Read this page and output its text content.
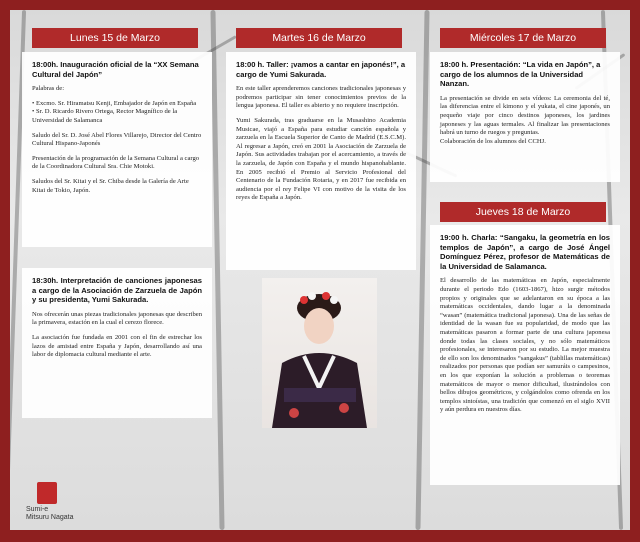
Lunes 15 de Marzo
18:00h. Inauguración oficial de la “XX Semana Cultural del Japón”
Palabras de:
• Excmo. Sr. Hiramatsu Kenji, Embajador de Japón en España
• Sr. D. Ricardo Rivero Ortega, Rector Magnífico de la Universidad de Salamanca
Saludo del Sr. D. José Abel Flores Villarejo, Director del Centro Cultural Hispano-Japonés
Presentación de la programación de la Semana Cultural a cargo de la Coordinadora Cultural Sra. Chie Motoki.
Saludos del Sr. Kitai y el Sr. Chiba desde la Galería de Arte Kitai de Tokio, Japón.
18:30h. Interpretación de canciones japonesas a cargo de la Asociación de Zarzuela de Japón y su presidenta, Yumi Sakurada.
Nos ofrecerán unas piezas tradicionales japonesas que describen la primavera, estación en la cual el cerezo florece.
La asociación fue fundada en 2001 con el fin de estrechar los lazos de amistad entre España y Japón, desarrollando así una labor de diplomacia cultural mediante el arte.
Martes 16 de Marzo
18:00 h. Taller: ¡vamos a cantar en japonés!”, a cargo de Yumi Sakurada.
En este taller aprenderemos canciones tradicionales japonesas y podremos participar sin tener conocimientos previos de la lengua japonesa. El taller es abierto y no requiere inscripción.
Yumi Sakurada, tras graduarse en la Musashino Academia Musicae, viajó a España para estudiar canción española y zarzuela en la Escuela Superior de Canto de Madrid (E.S.C.M). Al regresar a Japón, creó en 2001 la Asociación de Zarzuela de Japón. Sus actividades trabajan por el acercamiento, a través de la zarzuela, de Japón con España y el mundo hispanohablante. En 2005 recibió el Premio al Servicio Profesional del Centenario de la Fundación Rotaria, y en 2017 fue recibida en audiencia por el rey Felipe VI con motivo de la visita de los reyes de España a Japón.
Miércoles 17 de Marzo
18:00 h. Presentación: “La vida en Japón”, a cargo de los alumnos de la Universidad Nanzan.
La presentación se divide en seis vídeos: La ceremonia del té, las diferencias entre el kimono y el yukata, el cine japonés, un pequeño viaje por cinco destinos japoneses, los jardines japoneses y las aguas termales. Al finalizar las presentaciones habrá un turno de ruegos y preguntas.
Colaboración de los alumnos del CCHJ.
Jueves 18 de Marzo
19:00 h. Charla: “Sangaku, la geometría en los templos de Japón”, a cargo de José Ángel Domínguez Pérez, profesor de Matemáticas de la Universidad de Salamanca.
El desarrollo de las matemáticas en Japón, especialmente durante el periodo Edo (1603-1867), hizo surgir métodos propios y originales que se adelantaron en su época a las matemáticas occidentales, dando lugar a la denominada “wasan” (matemática tradicional japonesa). Una de las señas de identidad de la wasan fue su popularidad, de modo que las matemáticas pasaron a formar parte de una cultura japonesa donde todas las clases sociales, y no sólo matemáticos profesionales, se interesaron por su estudio. La mejor muestra de ello son los denominados “sangakus” (tablillas matemáticas) realizados por personas que podían ser samuráis o campesinos, en los que exponían la solución a problemas o teoremas matemáticos de mayor o menor dificultad, ilustrándolos con bellos dibujos geométricos, y colgándolos como ofrenda en los templos sintoístas, una tradición que comenzó en el siglo XVII y aún perdura en nuestros días.
Sumi-e
Mitsuru Nagata
